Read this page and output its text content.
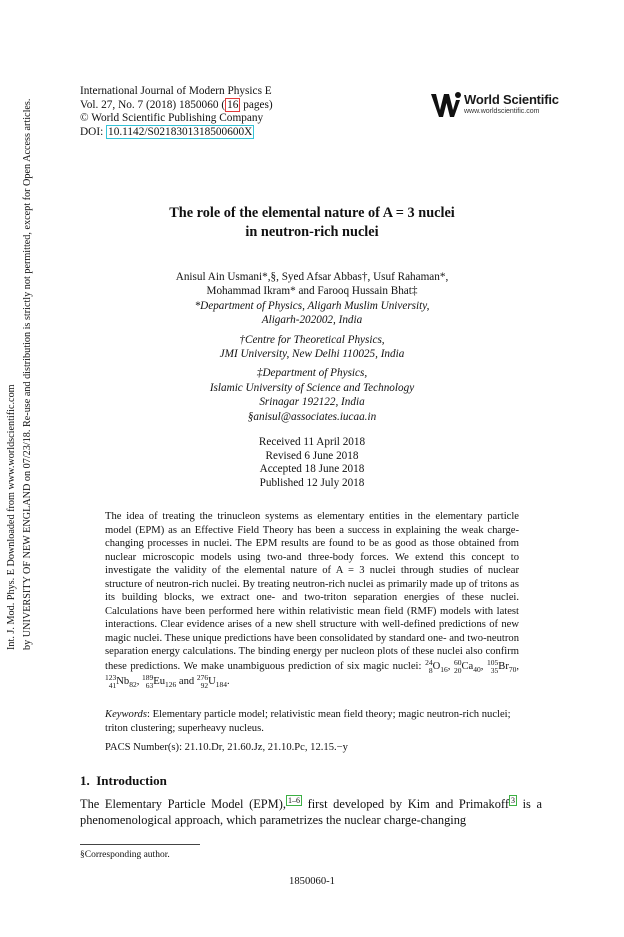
International Journal of Modern Physics E
Vol. 27, No. 7 (2018) 1850060 ( 16 pages)
© World Scientific Publishing Company
DOI: 10.1142/S0218301318500600X
World Scientific
www.worldscientific.com
Int. J. Mod. Phys. E Downloaded from www.worldscientific.com by UNIVERSITY OF NEW ENGLAND on 07/23/18. Re-use and distribution is strictly not permitted, except for Open Access articles.	The role of the elemental nature of A = 3 nuclei
in neutron-rich nuclei
Anisul Ain Usmani*,§, Syed Afsar Abbas†, Usuf Rahaman*,
Mohammad Ikram* and Farooq Hussain Bhat‡
*Department of Physics, Aligarh Muslim University,
Aligarh-202002, India
†Centre for Theoretical Physics,
JMI University, New Delhi 110025, India
‡Department of Physics,
Islamic University of Science and Technology
Srinagar 192122, India
§anisul@associates.iucaa.in
Received 11 April 2018
Revised 6 June 2018
Accepted 18 June 2018
Published 12 July 2018

The idea of treating the trinucleon systems as elementary entities in the elementary particle model (EPM) as an Effective Field Theory has been a success in explaining the weak charge-changing processes in nuclei. The EPM results are found to be as good as those obtained from nuclear microscopic models using two-and three-body forces. We extend this concept to investigate the validity of the elemental nature of A = 3 nuclei through studies of nuclear structure of neutron-rich nuclei. By treating neutron-rich nuclei as primarily made up of tritons as its building blocks, we extract one- and two-triton separation energies of these nuclei. Calculations have been performed here within relativistic mean field (RMF) models with latest interactions. Clear evidence arises of a new shell structure with well-defined predictions of new magic nuclei. These unique predictions have been consolidated by standard one- and two-neutron separation energy calculations. The binding energy per nucleon plots of these nuclei also confirm these predictions. We make unambiguous prediction of six magic nuclei: 24
8 $O_{16}$, 60
20 $Ca_{40}$, 105
35 $Br_{70}$,
123
41 $Nb_{82}$, 189
63 $Eu_{126}$ and 276
92 $U_{184}$.

Keywords: Elementary particle model; relativistic mean field theory; magic neutron-rich nuclei; triton clustering; superheavy nucleus.
PACS Number(s): 21.10.Dr, 21.60.Jz, 21.10.Pc, 12.15.−y
1. Introduction
The Elementary Particle Model (EPM), $^{1-6}$ first developed by Kim and Primakoff $^3$ is a phenomenological approach, which parametrizes the nuclear charge-changing
§Corresponding author.
1850060-1
